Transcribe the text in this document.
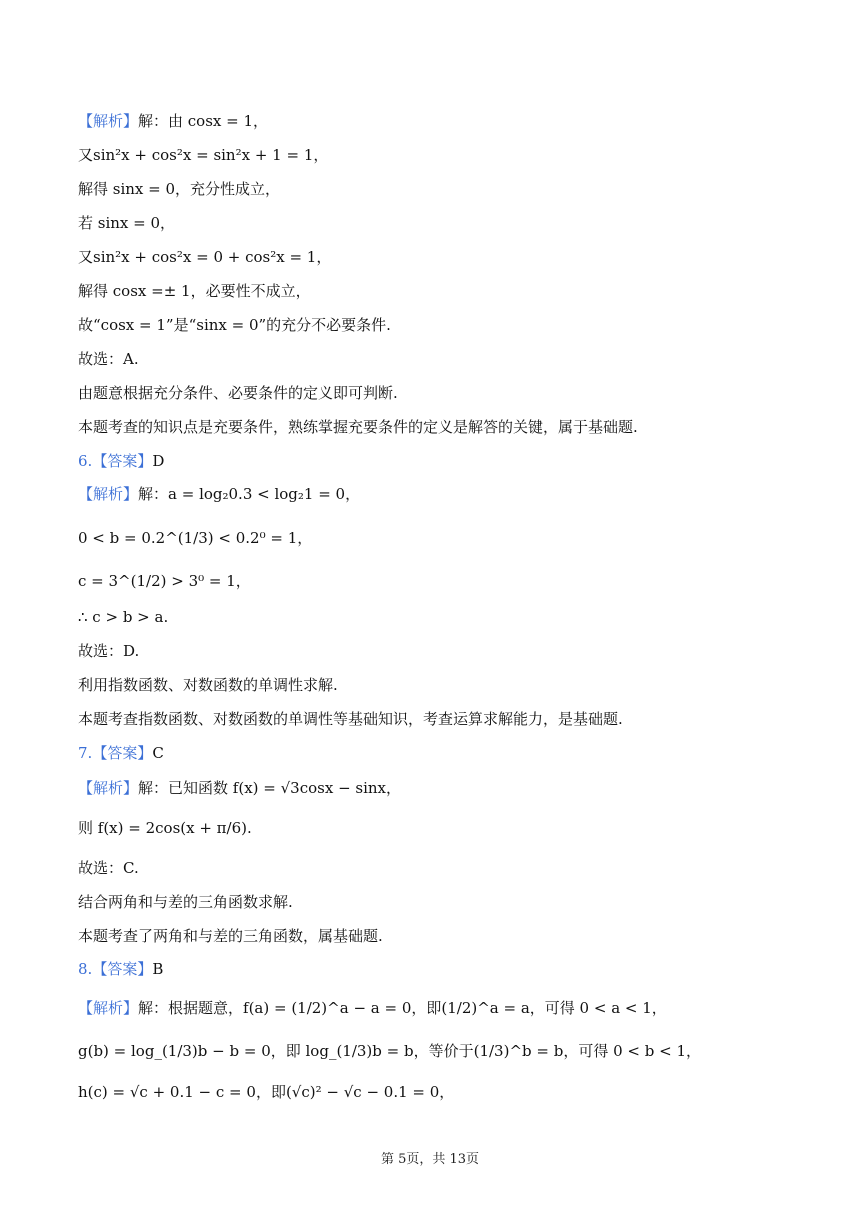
【解析】解：由 cosx = 1，
又sin²x + cos²x = sin²x + 1 = 1，
解得 sinx = 0，充分性成立，
若 sinx = 0，
又sin²x + cos²x = 0 + cos²x = 1，
解得 cosx =± 1，必要性不成立，
故“cosx = 1”是“sinx = 0”的充分不必要条件.
故选：A.
由题意根据充分条件、必要条件的定义即可判断.
本题考查的知识点是充要条件，熟练掌握充要条件的定义是解答的关键，属于基础题.
6.【答案】D
【解析】解：a = log₂0.3 < log₂1 = 0，
0 < b = 0.2^(1/3) < 0.2⁰ = 1，
c = 3^(1/2) > 3⁰ = 1，
∴ c > b > a.
故选：D.
利用指数函数、对数函数的单调性求解.
本题考查指数函数、对数函数的单调性等基础知识，考查运算求解能力，是基础题.
7.【答案】C
【解析】解：已知函数 f(x) = √3cosx − sinx，
则 f(x) = 2cos(x + π/6).
故选：C.
结合两角和与差的三角函数求解.
本题考查了两角和与差的三角函数，属基础题.
8.【答案】B
【解析】解：根据题意，f(a) = (1/2)^a − a = 0，即(1/2)^a = a，可得 0 < a < 1，
g(b) = log_(1/3)b − b = 0，即 log_(1/3)b = b，等价于(1/3)^b = b，可得 0 < b < 1，
h(c) = √c + 0.1 − c = 0，即(√c)² − √c − 0.1 = 0，
第 5页，共 13页
